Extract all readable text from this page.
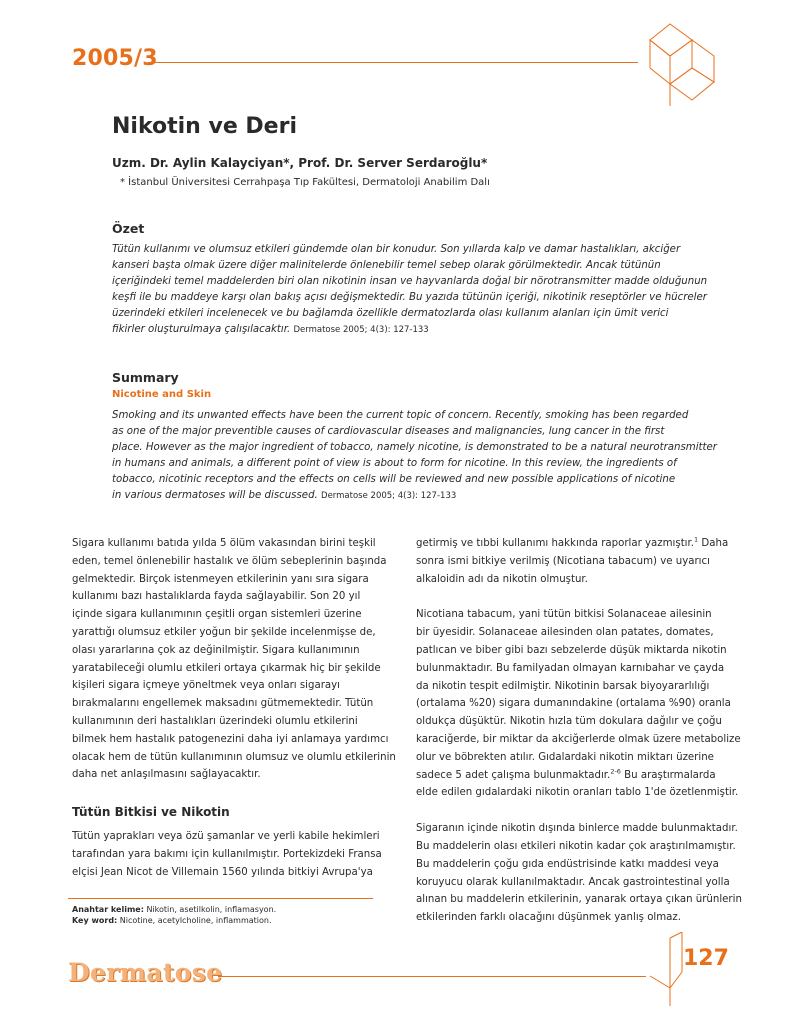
2005/3
Nikotin ve Deri
Uzm. Dr. Aylin Kalayciyan*, Prof. Dr. Server Serdaroğlu*
* İstanbul Üniversitesi Cerrahpaşa Tıp Fakültesi, Dermatoloji Anabilim Dalı
Özet
Tütün kullanımı ve olumsuz etkileri gündemde olan bir konudur. Son yıllarda kalp ve damar hastalıkları, akciğer
kanseri başta olmak üzere diğer malinitelerde önlenebilir temel sebep olarak görülmektedir. Ancak tütünün
içeriğindeki temel maddelerden biri olan nikotinin insan ve hayvanlarda doğal bir nörotransmitter madde olduğunun
keşfi ile bu maddeye karşı olan bakış açısı değişmektedir. Bu yazıda tütünün içeriği, nikotinik reseptörler ve hücreler
üzerindeki etkileri incelenecek ve bu bağlamda özellikle dermatozlarda olası kullanım alanları için ümit verici
fikirler oluşturulmaya çalışılacaktır. Dermatose 2005; 4(3): 127-133
Summary
Nicotine and Skin
Smoking and its unwanted effects have been the current topic of concern. Recently, smoking has been regarded
as one of the major preventible causes of cardiovascular diseases and malignancies, lung cancer in the first
place. However as the major ingredient of tobacco, namely nicotine, is demonstrated to be a natural neurotransmitter
in humans and animals, a different point of view is about to form for nicotine. In this review, the ingredients of
tobacco, nicotinic receptors and the effects on cells will be reviewed and new possible applications of nicotine
in various dermatoses will be discussed. Dermatose 2005; 4(3): 127-133
Sigara kullanımı batıda yılda 5 ölüm vakasından birini teşkil
eden, temel önlenebilir hastalık ve ölüm sebeplerinin başında
gelmektedir. Birçok istenmeyen etkilerinin yanı sıra sigara
kullanımı bazı hastalıklarda fayda sağlayabilir. Son 20 yıl
içinde sigara kullanımının çeşitli organ sistemleri üzerine
yarattığı olumsuz etkiler yoğun bir şekilde incelenmişse de,
olası yararlarına çok az değinilmiştir. Sigara kullanımının
yaratabileceği olumlu etkileri ortaya çıkarmak hiç bir şekilde
kişileri sigara içmeye yöneltmek veya onları sigarayı
bırakmalarını engellemek maksadını gütmemektedir. Tütün
kullanımının deri hastalıkları üzerindeki olumlu etkilerini
bilmek hem hastalık patogenezini daha iyi anlamaya yardımcı
olacak hem de tütün kullanımının olumsuz ve olumlu etkilerinin
daha net anlaşılmasını sağlayacaktır.
Tütün Bitkisi ve Nikotin
Tütün yaprakları veya özü şamanlar ve yerli kabile hekimleri
tarafından yara bakımı için kullanılmıştır. Portekizdeki Fransa
elçisi Jean Nicot de Villemain 1560 yılında bitkiyi Avrupa'ya
getirmiş ve tıbbi kullanımı hakkında raporlar yazmıştır.$^1$ Daha
sonra ismi bitkiye verilmiş (Nicotiana tabacum) ve uyarıcı
alkaloidin adı da nikotin olmuştur.
Nicotiana tabacum, yani tütün bitkisi Solanaceae ailesinin
bir üyesidir. Solanaceae ailesinden olan patates, domates,
patlıcan ve biber gibi bazı sebzelerde düşük miktarda nikotin
bulunmaktadır. Bu familyadan olmayan karnıbahar ve çayda
da nikotin tespit edilmiştir. Nikotinin barsak biyoyararlılığı
(ortalama %20) sigara dumanındakine (ortalama %90) oranla
oldukça düşüktür. Nikotin hızla tüm dokulara dağılır ve çoğu
karaciğerde, bir miktar da akciğerlerde olmak üzere metabolize
olur ve böbrekten atılır. Gıdalardaki nikotin miktarı üzerine
sadece 5 adet çalışma bulunmaktadır.$^{2-6}$ Bu araştırmalarda
elde edilen gıdalardaki nikotin oranları tablo 1'de özetlenmiştir.
Sigaranın içinde nikotin dışında binlerce madde bulunmaktadır.
Bu maddelerin olası etkileri nikotin kadar çok araştırılmamıştır.
Bu maddelerin çoğu gıda endüstrisinde katkı maddesi veya
koruyucu olarak kullanılmaktadır. Ancak gastrointestinal yolla
alınan bu maddelerin etkilerinin, yanarak ortaya çıkan ürünlerin
etkilerinden farklı olacağını düşünmek yanlış olmaz.
Anahtar kelime: Nikotin, asetilkolin, inflamasyon.
Key word: Nicotine, acetylcholine, inflammation.
Dermatose	127
